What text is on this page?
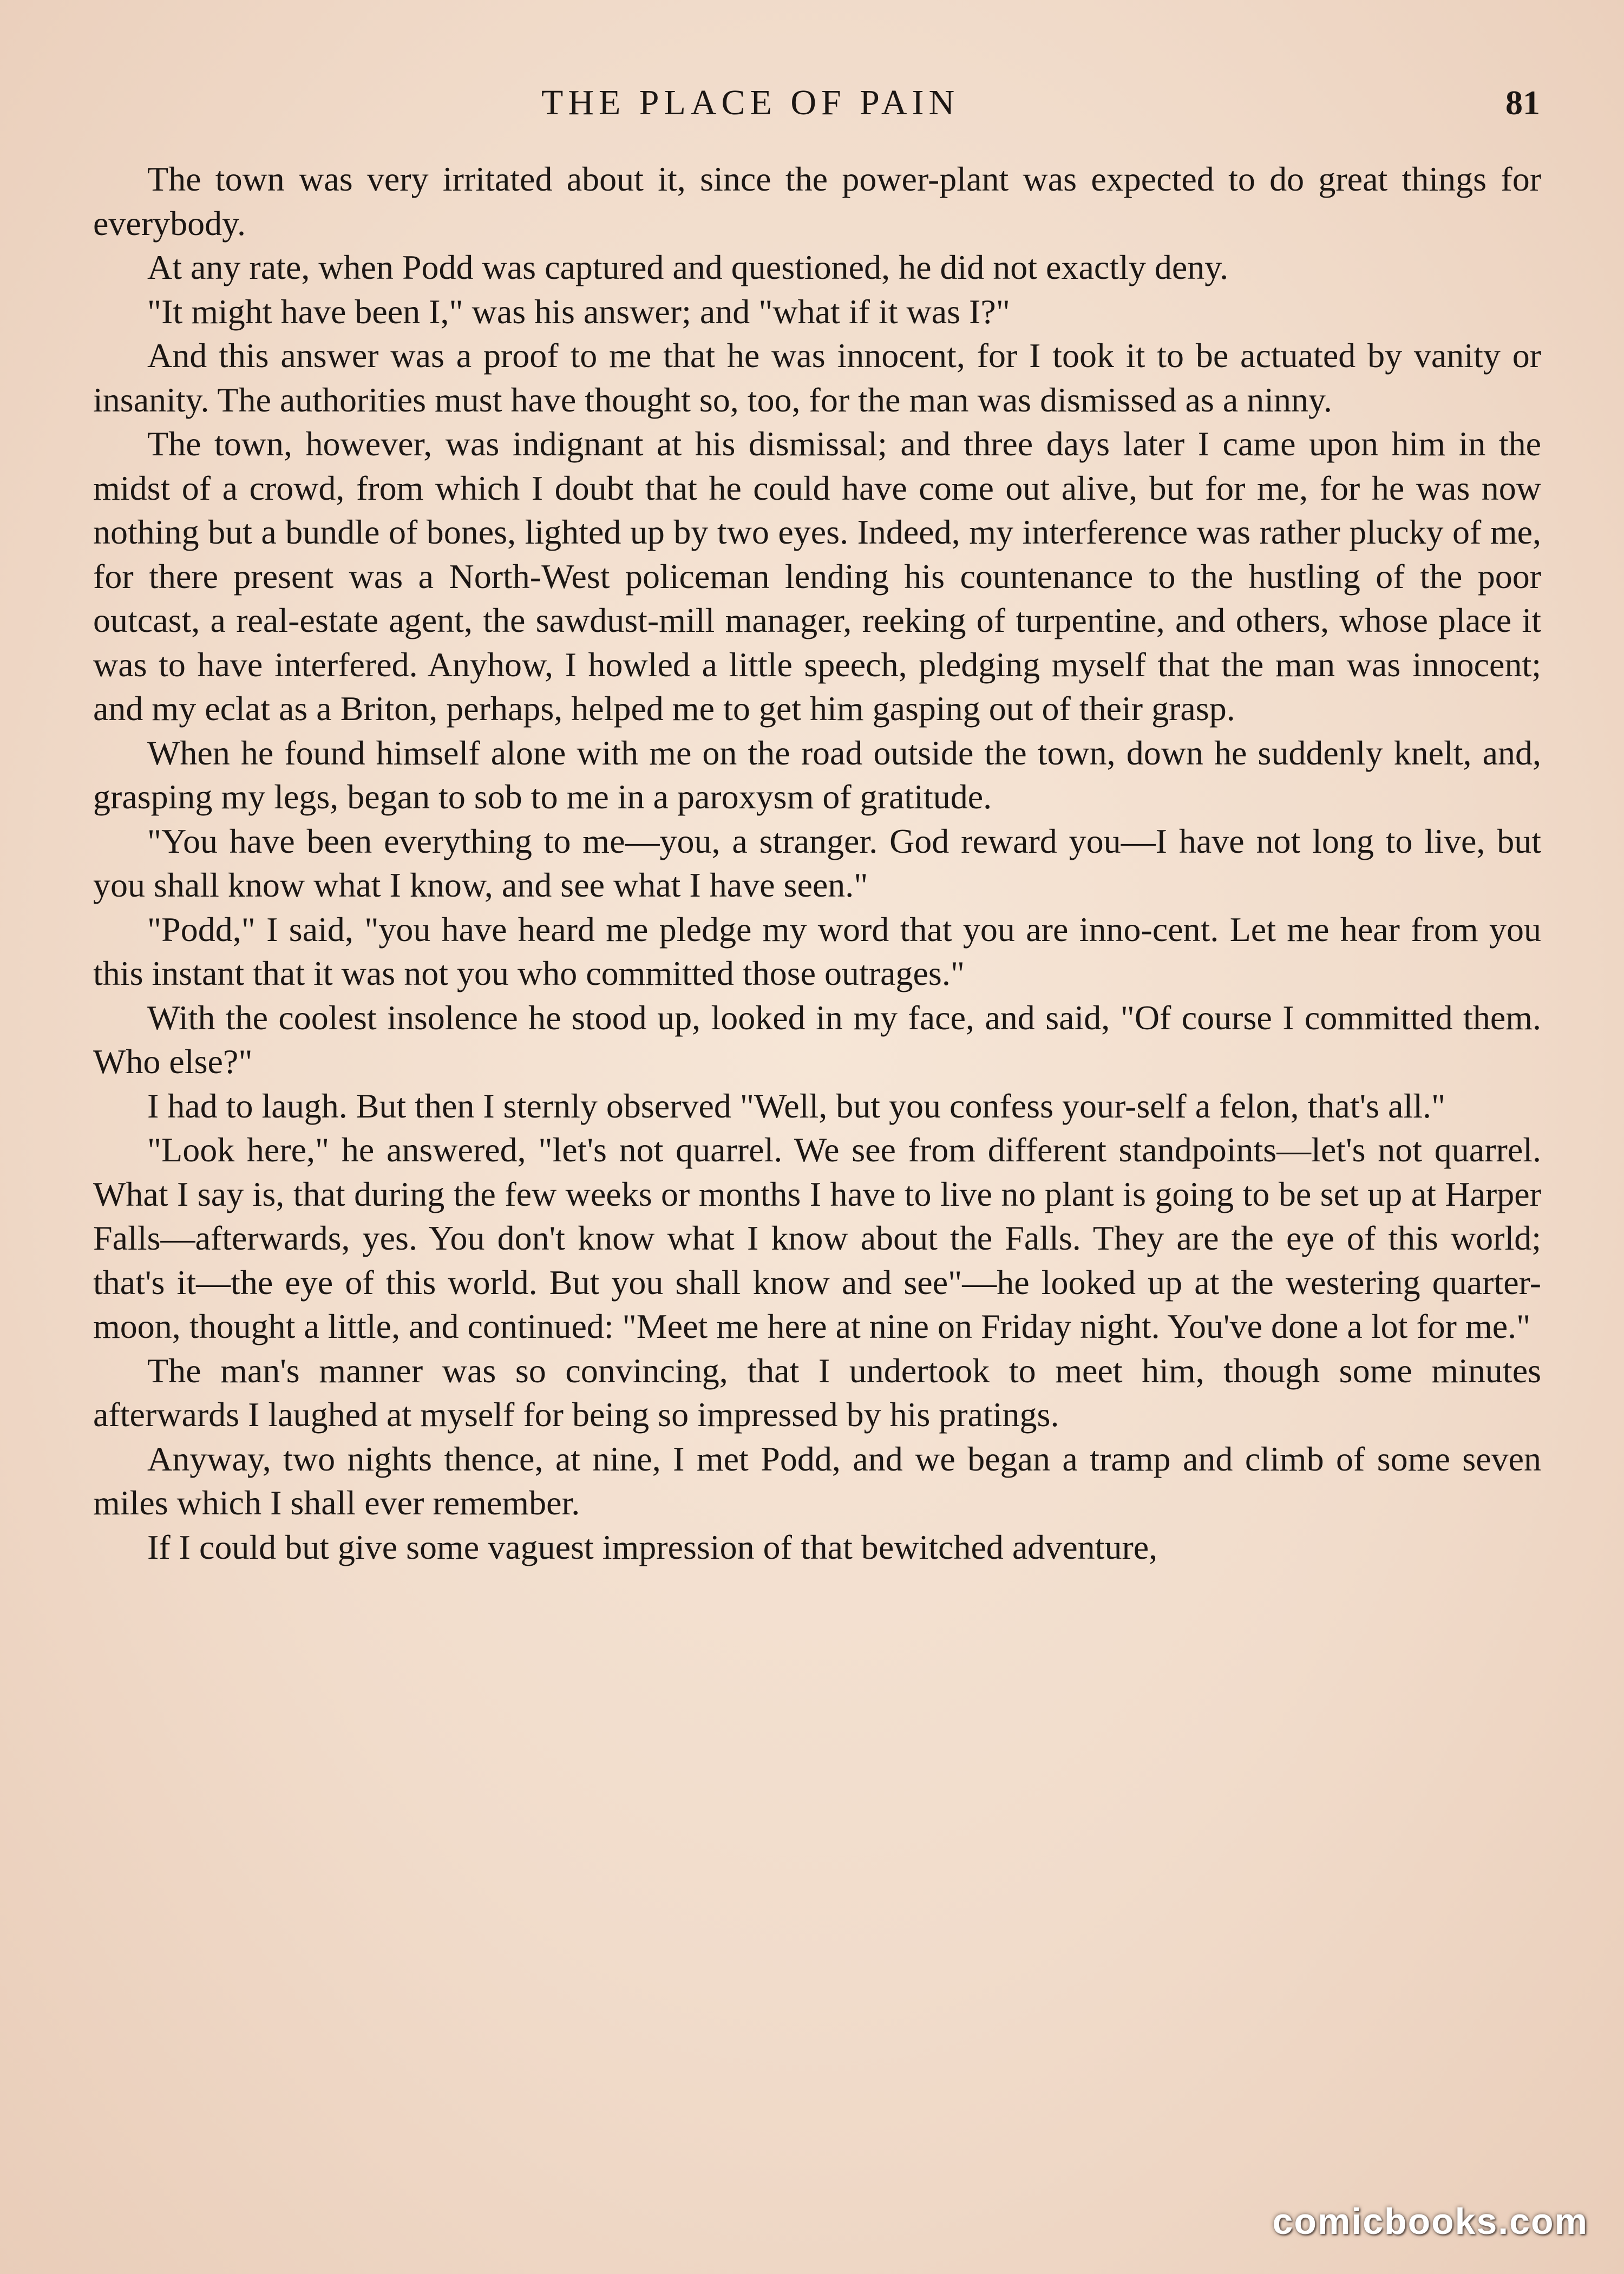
THE PLACE OF PAIN	81

The town was very irritated about it, since the power-plant was expected to do great things for everybody.

At any rate, when Podd was captured and questioned, he did not exactly deny.

"It might have been I," was his answer; and "what if it was I?"

And this answer was a proof to me that he was innocent, for I took it to be actuated by vanity or insanity. The authorities must have thought so, too, for the man was dismissed as a ninny.

The town, however, was indignant at his dismissal; and three days later I came upon him in the midst of a crowd, from which I doubt that he could have come out alive, but for me, for he was now nothing but a bundle of bones, lighted up by two eyes. Indeed, my interference was rather plucky of me, for there present was a North-West policeman lending his countenance to the hustling of the poor outcast, a real-estate agent, the sawdust-mill manager, reeking of turpentine, and others, whose place it was to have interfered. Anyhow, I howled a little speech, pledging myself that the man was innocent; and my eclat as a Briton, perhaps, helped me to get him gasping out of their grasp.

When he found himself alone with me on the road outside the town, down he suddenly knelt, and, grasping my legs, began to sob to me in a paroxysm of gratitude.

"You have been everything to me—you, a stranger. God reward you—I have not long to live, but you shall know what I know, and see what I have seen."

"Podd," I said, "you have heard me pledge my word that you are inno-cent. Let me hear from you this instant that it was not you who committed those outrages."

With the coolest insolence he stood up, looked in my face, and said, "Of course I committed them. Who else?"

I had to laugh. But then I sternly observed "Well, but you confess your-self a felon, that's all."

"Look here," he answered, "let's not quarrel. We see from different standpoints—let's not quarrel. What I say is, that during the few weeks or months I have to live no plant is going to be set up at Harper Falls—afterwards, yes. You don't know what I know about the Falls. They are the eye of this world; that's it—the eye of this world. But you shall know and see"—he looked up at the westering quarter-moon, thought a little, and continued: "Meet me here at nine on Friday night. You've done a lot for me."

The man's manner was so convincing, that I undertook to meet him, though some minutes afterwards I laughed at myself for being so impressed by his pratings.

Anyway, two nights thence, at nine, I met Podd, and we began a tramp and climb of some seven miles which I shall ever remember.

If I could but give some vaguest impression of that bewitched adventure,

comicbooks.com
